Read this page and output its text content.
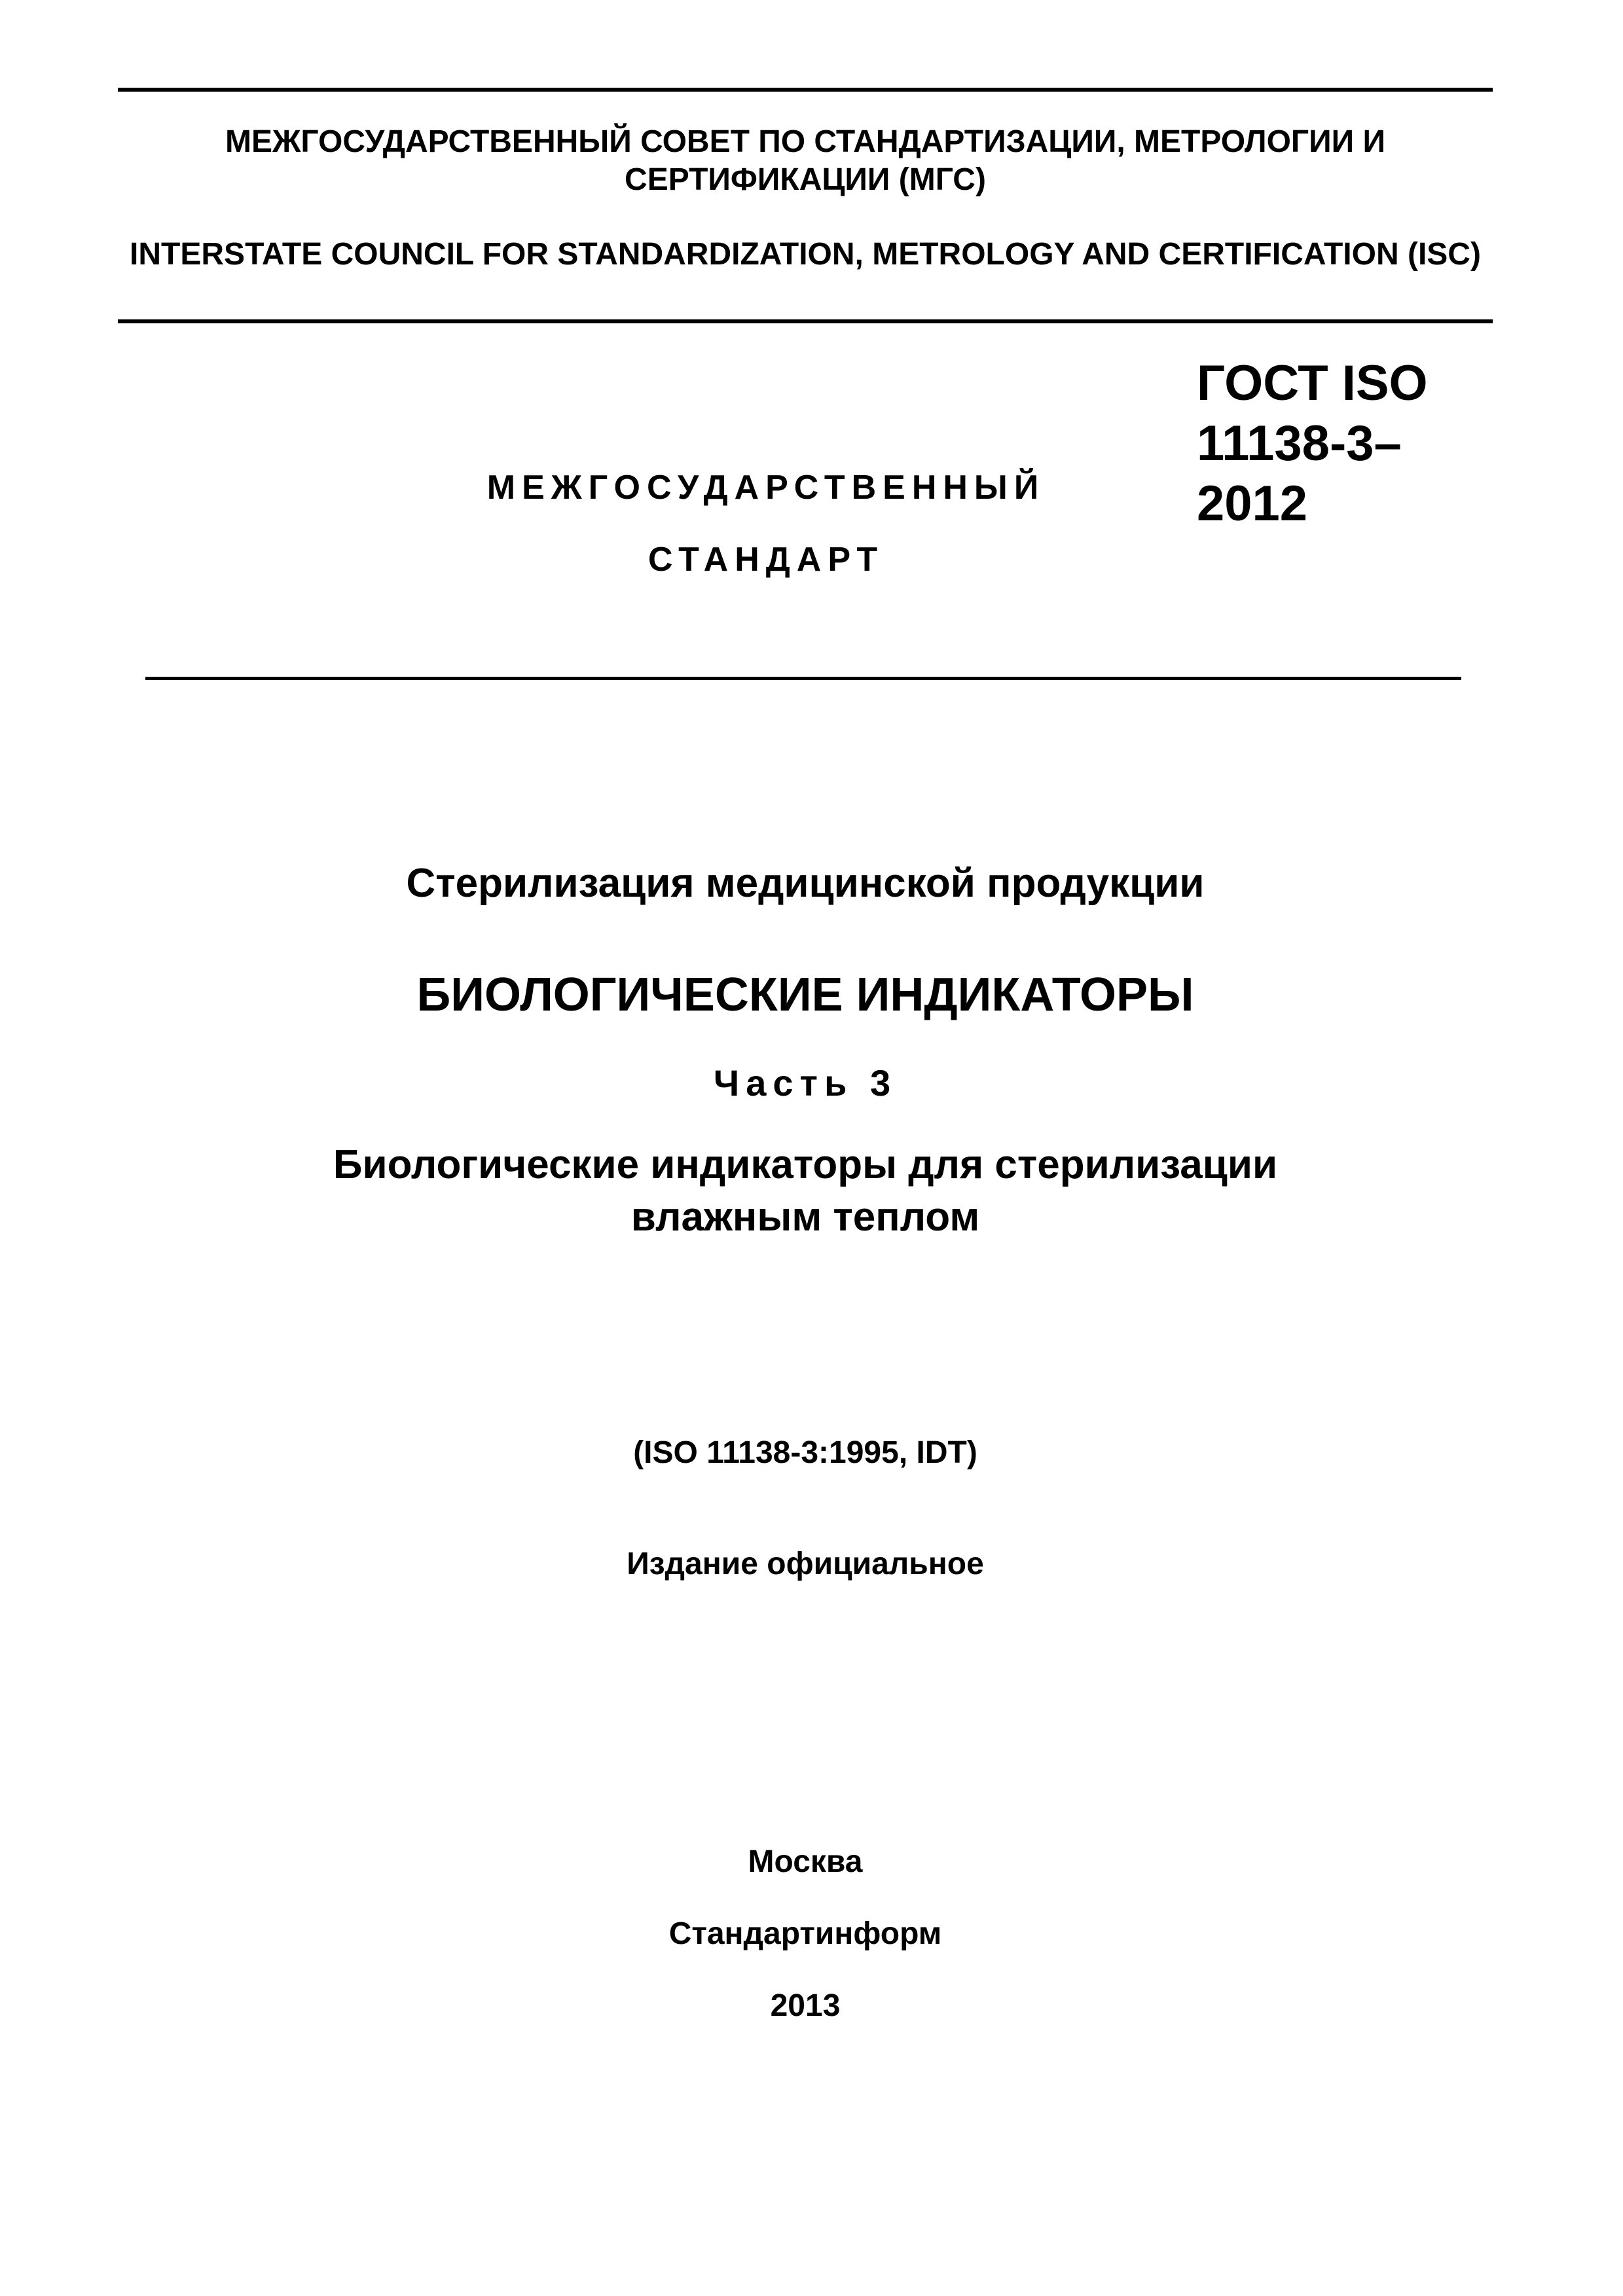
МЕЖГОСУДАРСТВЕННЫЙ СОВЕТ ПО СТАНДАРТИЗАЦИИ, МЕТРОЛОГИИ И СЕРТИФИКАЦИИ (МГС)
INTERSTATE COUNCIL FOR STANDARDIZATION, METROLOGY AND CERTIFICATION (ISC)
МЕЖГОСУДАРСТВЕННЫЙ
СТАНДАРТ
ГОСТ ISO
11138-3–
2012
Стерилизация медицинской продукции
БИОЛОГИЧЕСКИЕ ИНДИКАТОРЫ
Часть 3
Биологические индикаторы для стерилизации
влажным теплом
(ISO 11138-3:1995, IDT)
Издание официальное
Москва
Стандартинформ
2013
